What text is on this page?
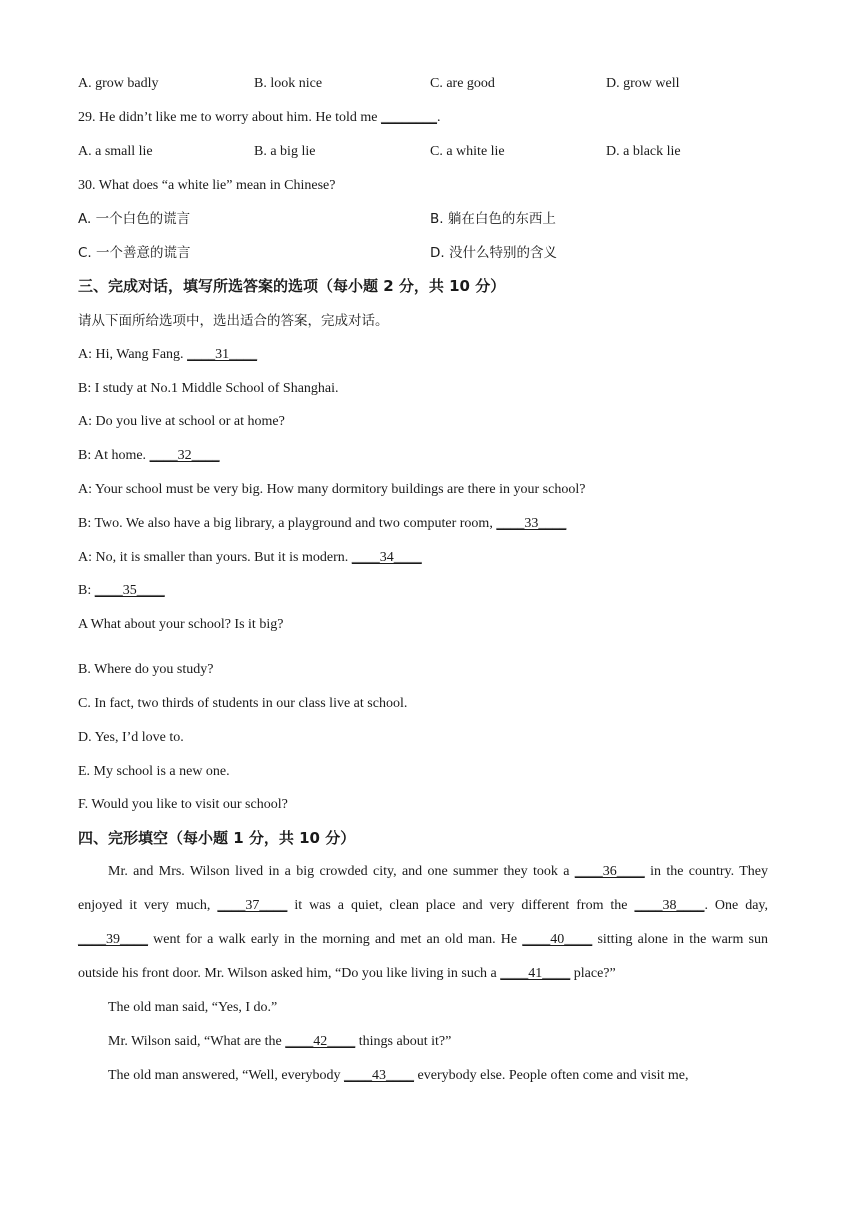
A. grow badly	B. look nice	C. are good	D. grow well
29. He didn’t like me to worry about him. He told me ________.
A. a small lie	B. a big lie	C. a white lie	D. a black lie
30. What does “a white lie” mean in Chinese?
A. 一个白色的谎言	B. 躺在白色的东西上
C. 一个善意的谎言	D. 没什么特别的含义
三、完成对话，填写所选答案的选项（每小题 2 分，共 10 分）
请从下面所给选项中，选出适合的答案，完成对话。
A: Hi, Wang Fang. ____31____
B: I study at No.1 Middle School of Shanghai.
A: Do you live at school or at home?
B: At home. ____32____
A: Your school must be very big. How many dormitory buildings are there in your school?
B: Two. We also have a big library, a playground and two computer room, ____33____
A: No, it is smaller than yours. But it is modern. ____34____
B: ____35____
A What about your school? Is it big?
B. Where do you study?
C. In fact, two thirds of students in our class live at school.
D. Yes, I’d love to.
E. My school is a new one.
F. Would you like to visit our school?
四、完形填空（每小题 1 分，共 10 分）

Mr. and Mrs. Wilson lived in a big crowded city, and one summer they took a ____36____ in the country. They enjoyed it very much, ____37____ it was a quiet, clean place and very different from the ____38____. One day, ____39____ went for a walk early in the morning and met an old man. He ____40____ sitting alone in the warm sun outside his front door. Mr. Wilson asked him, “Do you like living in such a ____41____ place?”

The old man said, “Yes, I do.”

Mr. Wilson said, “What are the ____42____ things about it?”

The old man answered, “Well, everybody ____43____ everybody else. People often come and visit me,
